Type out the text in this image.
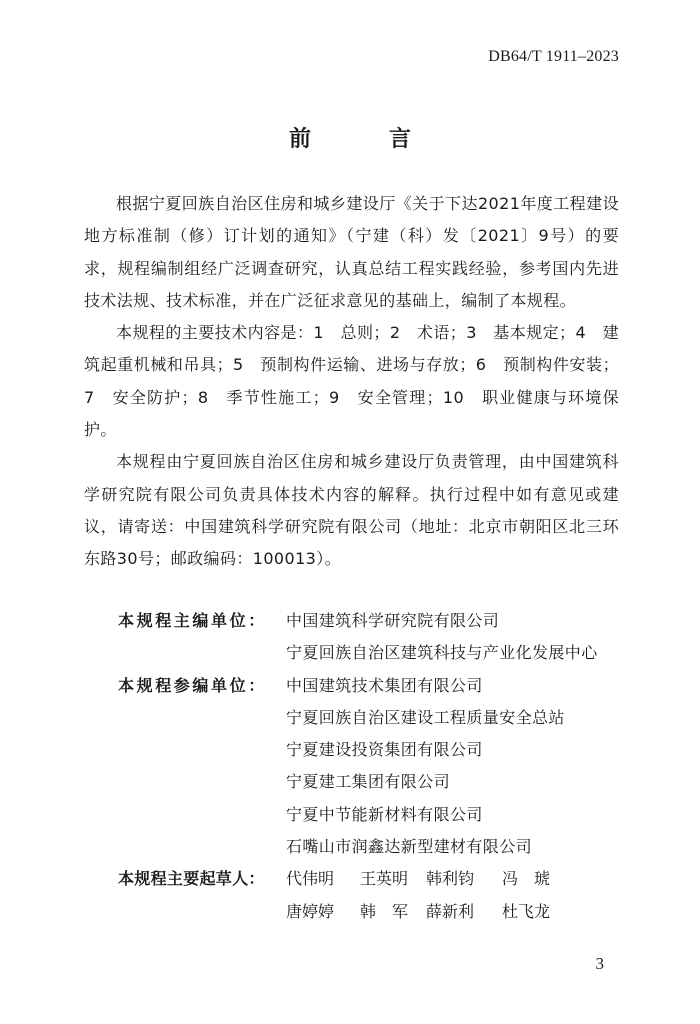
DB64/T 1911–2023
前　言

根据宁夏回族自治区住房和城乡建设厅《关于下达2021年度工程建设地方标准制（修）订计划的通知》（宁建（科）发〔2021〕9号）的要求，规程编制组经广泛调查研究，认真总结工程实践经验，参考国内先进技术法规、技术标准，并在广泛征求意见的基础上，编制了本规程。

本规程的主要技术内容是：1　总则；2　术语；3　基本规定；4　建筑起重机械和吊具；5　预制构件运输、进场与存放；6　预制构件安装；7　安全防护；8　季节性施工；9　安全管理；10　职业健康与环境保护。

本规程由宁夏回族自治区住房和城乡建设厅负责管理，由中国建筑科学研究院有限公司负责具体技术内容的解释。执行过程中如有意见或建议，请寄送：中国建筑科学研究院有限公司（地址：北京市朝阳区北三环东路30号；邮政编码：100013）。

本规程主编单位：	中国建筑科学研究院有限公司
宁夏回族自治区建筑科技与产业化发展中心
本规程参编单位：	中国建筑技术集团有限公司
宁夏回族自治区建设工程质量安全总站
宁夏建设投资集团有限公司
宁夏建工集团有限公司
宁夏中节能新材料有限公司
石嘴山市润鑫达新型建材有限公司
本规程主要起草人：	代伟明	王英明	韩利钧	冯　琥
唐婷婷	韩　军	薛新利	杜飞龙
3
